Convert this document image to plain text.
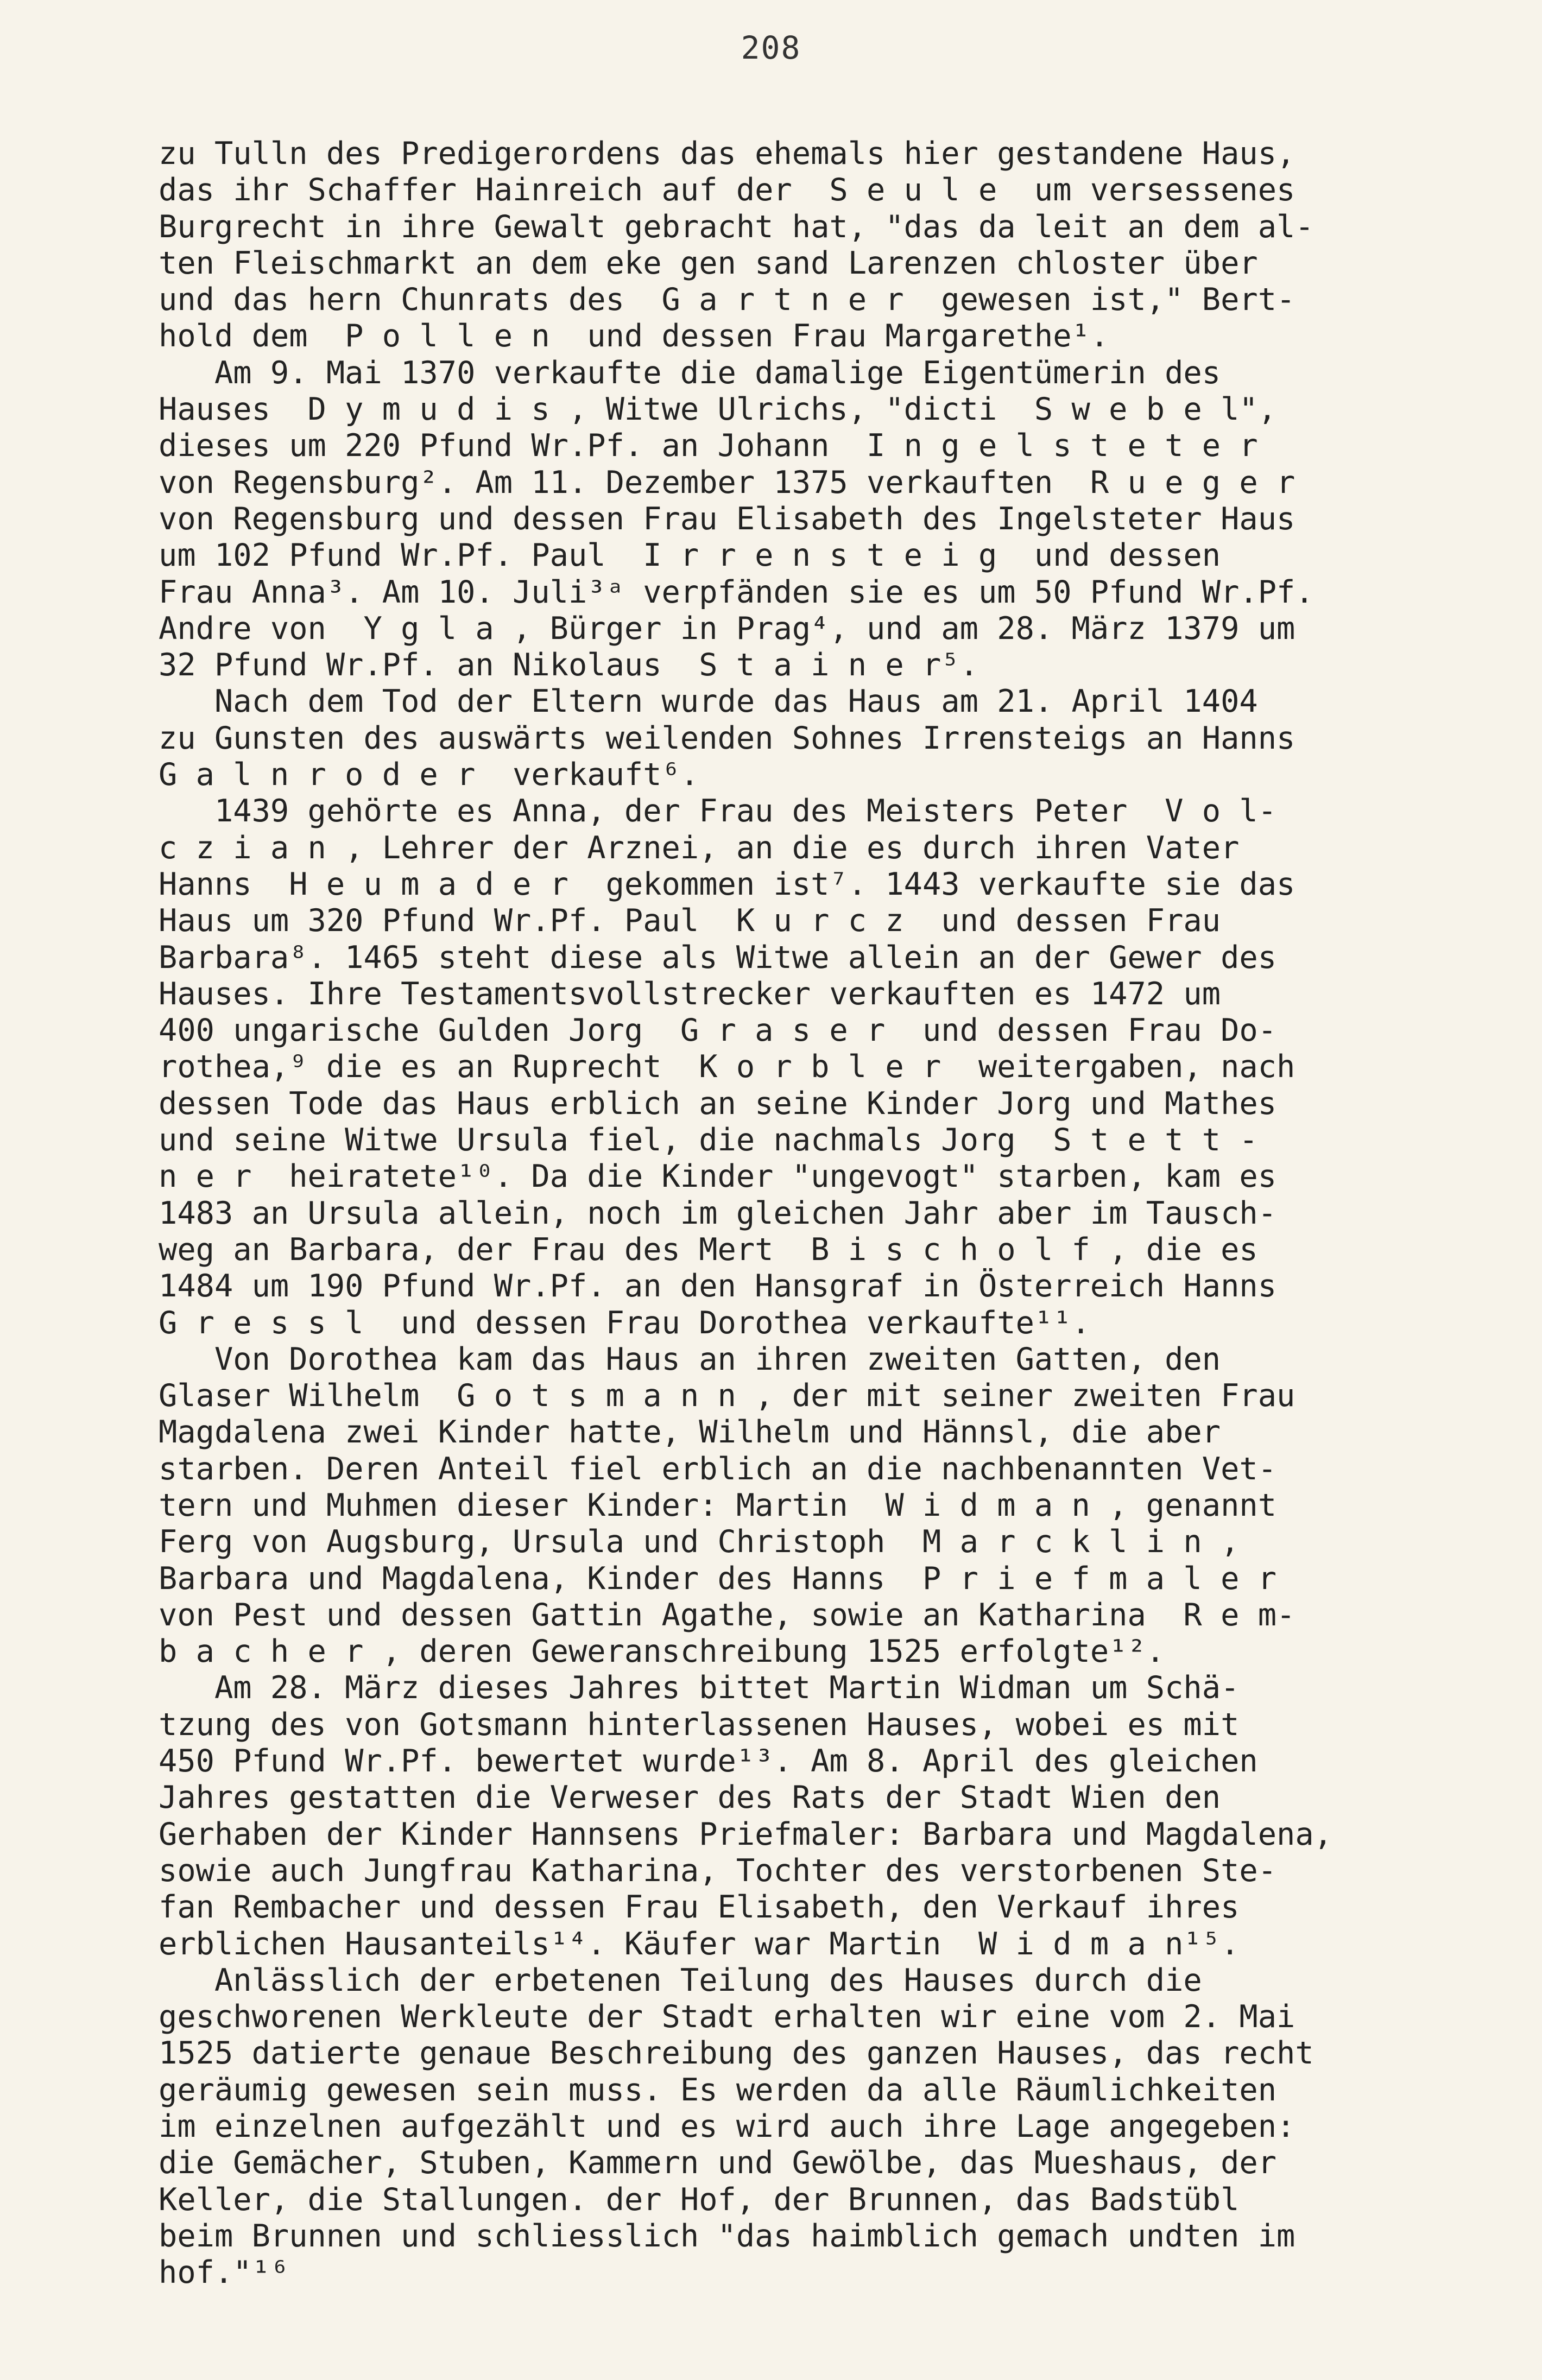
208
zu Tulln des Predigerordens das ehemals hier gestandene Haus,
das ihr Schaffer Hainreich auf der  S e u l e  um versessenes
Burgrecht in ihre Gewalt gebracht hat, "das da leit an dem al-
ten Fleischmarkt an dem eke gen sand Larenzen chloster über
und das hern Chunrats des  G a r t n e r  gewesen ist," Bert-
hold dem  P o l l e n  und dessen Frau Margarethe¹.
Am 9. Mai 1370 verkaufte die damalige Eigentümerin des
Hauses  D y m u d i s , Witwe Ulrichs, "dicti  S w e b e l",
dieses um 220 Pfund Wr.Pf. an Johann  I n g e l s t e t e r
von Regensburg². Am 11. Dezember 1375 verkauften  R u e g e r
von Regensburg und dessen Frau Elisabeth des Ingelsteter Haus
um 102 Pfund Wr.Pf. Paul  I r r e n s t e i g  und dessen
Frau Anna³. Am 10. Juli³ᵃ verpfänden sie es um 50 Pfund Wr.Pf.
Andre von  Y g l a , Bürger in Prag⁴, und am 28. März 1379 um
32 Pfund Wr.Pf. an Nikolaus  S t a i n e r⁵.
Nach dem Tod der Eltern wurde das Haus am 21. April 1404
zu Gunsten des auswärts weilenden Sohnes Irrensteigs an Hanns
G a l n r o d e r  verkauft⁶.
1439 gehörte es Anna, der Frau des Meisters Peter  V o l-
c z i a n , Lehrer der Arznei, an die es durch ihren Vater
Hanns  H e u m a d e r  gekommen ist⁷. 1443 verkaufte sie das
Haus um 320 Pfund Wr.Pf. Paul  K u r c z  und dessen Frau
Barbara⁸. 1465 steht diese als Witwe allein an der Gewer des
Hauses. Ihre Testamentsvollstrecker verkauften es 1472 um
400 ungarische Gulden Jorg  G r a s e r  und dessen Frau Do-
rothea,⁹ die es an Ruprecht  K o r b l e r  weitergaben, nach
dessen Tode das Haus erblich an seine Kinder Jorg und Mathes
und seine Witwe Ursula fiel, die nachmals Jorg  S t e t t -
n e r  heiratete¹⁰. Da die Kinder "ungevogt" starben, kam es
1483 an Ursula allein, noch im gleichen Jahr aber im Tausch-
weg an Barbara, der Frau des Mert  B i s c h o l f , die es
1484 um 190 Pfund Wr.Pf. an den Hansgraf in Österreich Hanns
G r e s s l  und dessen Frau Dorothea verkaufte¹¹.
Von Dorothea kam das Haus an ihren zweiten Gatten, den
Glaser Wilhelm  G o t s m a n n , der mit seiner zweiten Frau
Magdalena zwei Kinder hatte, Wilhelm und Hännsl, die aber
starben. Deren Anteil fiel erblich an die nachbenannten Vet-
tern und Muhmen dieser Kinder: Martin  W i d m a n , genannt
Ferg von Augsburg, Ursula und Christoph  M a r c k l i n ,
Barbara und Magdalena, Kinder des Hanns  P r i e f m a l e r
von Pest und dessen Gattin Agathe, sowie an Katharina  R e m-
b a c h e r , deren Geweranschreibung 1525 erfolgte¹².
Am 28. März dieses Jahres bittet Martin Widman um Schä-
tzung des von Gotsmann hinterlassenen Hauses, wobei es mit
450 Pfund Wr.Pf. bewertet wurde¹³. Am 8. April des gleichen
Jahres gestatten die Verweser des Rats der Stadt Wien den
Gerhaben der Kinder Hannsens Priefmaler: Barbara und Magdalena,
sowie auch Jungfrau Katharina, Tochter des verstorbenen Ste-
fan Rembacher und dessen Frau Elisabeth, den Verkauf ihres
erblichen Hausanteils¹⁴. Käufer war Martin  W i d m a n¹⁵.
Anlässlich der erbetenen Teilung des Hauses durch die
geschworenen Werkleute der Stadt erhalten wir eine vom 2. Mai
1525 datierte genaue Beschreibung des ganzen Hauses, das recht
geräumig gewesen sein muss. Es werden da alle Räumlichkeiten
im einzelnen aufgezählt und es wird auch ihre Lage angegeben:
die Gemächer, Stuben, Kammern und Gewölbe, das Mueshaus, der
Keller, die Stallungen. der Hof, der Brunnen, das Badstübl
beim Brunnen und schliesslich "das haimblich gemach undten im
hof."¹⁶
